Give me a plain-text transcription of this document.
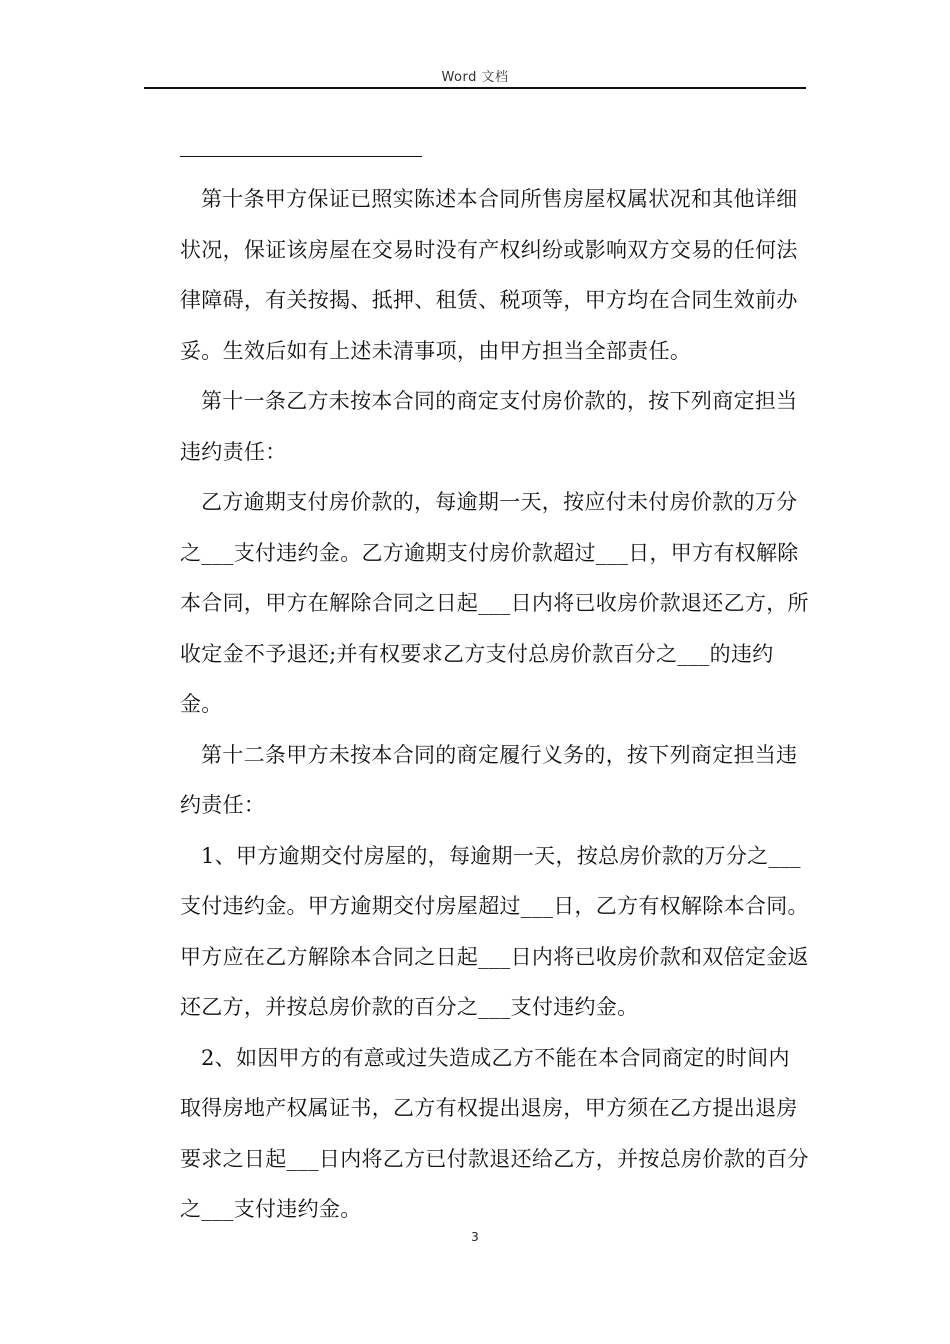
Word 文档

第十条甲方保证已照实陈述本合同所售房屋权属状况和其他详细状况，保证该房屋在交易时没有产权纠纷或影响双方交易的任何法律障碍，有关按揭、抵押、租赁、税项等，甲方均在合同生效前办妥。生效后如有上述未清事项，由甲方担当全部责任。

第十一条乙方未按本合同的商定支付房价款的，按下列商定担当违约责任：

乙方逾期支付房价款的，每逾期一天，按应付未付房价款的万分之___支付违约金。乙方逾期支付房价款超过___日，甲方有权解除本合同，甲方在解除合同之日起___日内将已收房价款退还乙方，所收定金不予退还;并有权要求乙方支付总房价款百分之___的违约金。

第十二条甲方未按本合同的商定履行义务的，按下列商定担当违约责任：

1、甲方逾期交付房屋的，每逾期一天，按总房价款的万分之___支付违约金。甲方逾期交付房屋超过___日，乙方有权解除本合同。甲方应在乙方解除本合同之日起___日内将已收房价款和双倍定金返还乙方，并按总房价款的百分之___支付违约金。

2、如因甲方的有意或过失造成乙方不能在本合同商定的时间内取得房地产权属证书，乙方有权提出退房，甲方须在乙方提出退房要求之日起___日内将乙方已付款退还给乙方，并按总房价款的百分之___支付违约金。

3
